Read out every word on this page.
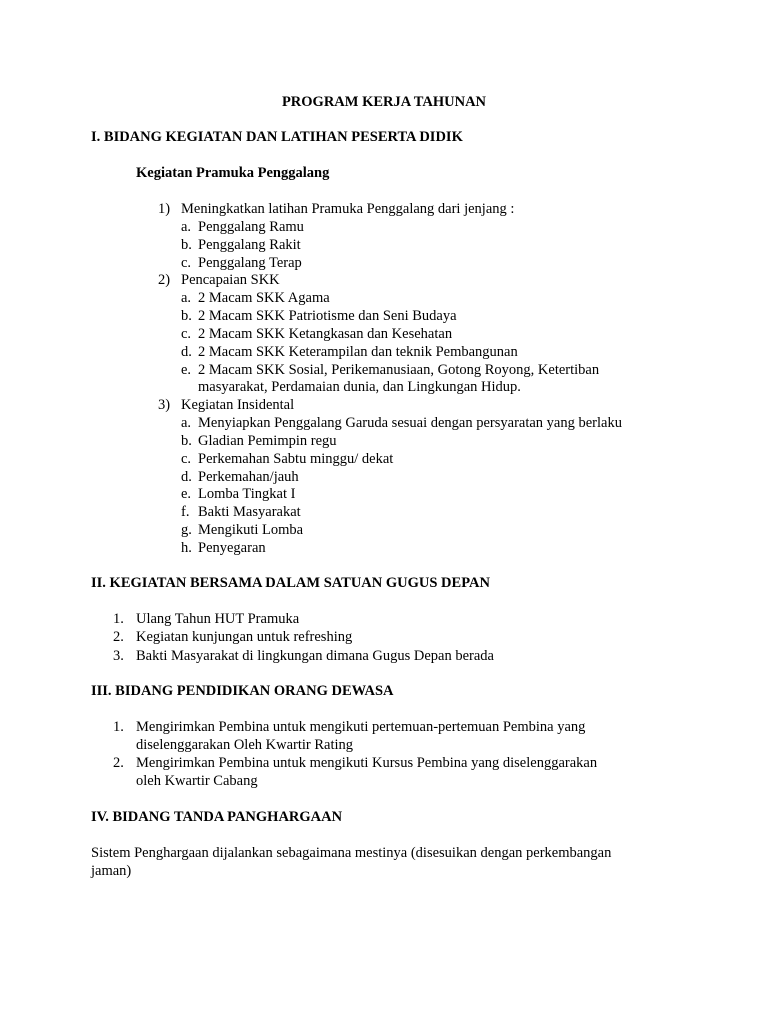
PROGRAM KERJA TAHUNAN
I. BIDANG KEGIATAN DAN LATIHAN PESERTA DIDIK
Kegiatan Pramuka Penggalang
1) Meningkatkan latihan Pramuka Penggalang dari jenjang :
a. Penggalang Ramu
b. Penggalang Rakit
c. Penggalang Terap
2) Pencapaian SKK
a. 2 Macam SKK Agama
b. 2 Macam SKK Patriotisme dan Seni Budaya
c. 2 Macam SKK Ketangkasan dan Kesehatan
d. 2 Macam SKK Keterampilan dan teknik Pembangunan
e. 2 Macam SKK Sosial, Perikemanusiaan, Gotong Royong, Ketertiban
masyarakat, Perdamaian dunia, dan Lingkungan Hidup.
3) Kegiatan Insidental
a. Menyiapkan Penggalang Garuda sesuai dengan persyaratan yang berlaku
b. Gladian Pemimpin regu
c. Perkemahan Sabtu minggu/ dekat
d. Perkemahan/jauh
e. Lomba Tingkat I
f. Bakti Masyarakat
g. Mengikuti Lomba
h. Penyegaran
II. KEGIATAN BERSAMA DALAM SATUAN GUGUS DEPAN
1. Ulang Tahun HUT Pramuka
2. Kegiatan kunjungan untuk refreshing
3. Bakti Masyarakat di lingkungan dimana Gugus Depan berada
III. BIDANG PENDIDIKAN ORANG DEWASA
1. Mengirimkan Pembina untuk mengikuti pertemuan-pertemuan Pembina yang
diselenggarakan Oleh Kwartir Rating
2. Mengirimkan Pembina untuk mengikuti Kursus Pembina yang diselenggarakan
oleh Kwartir Cabang
IV. BIDANG TANDA PANGHARGAAN
Sistem Penghargaan dijalankan sebagaimana mestinya (disesuikan dengan perkembangan
jaman)
